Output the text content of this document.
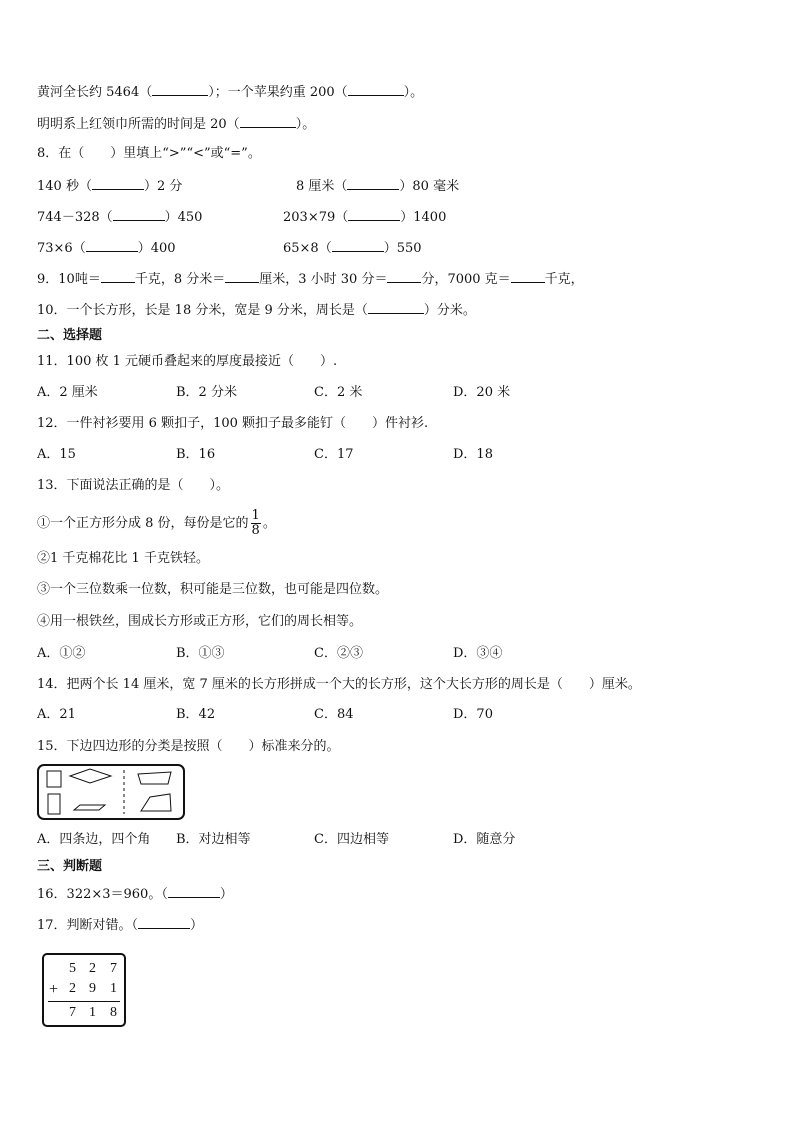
黄河全长约 5464（	）；一个苹果约重 200（	）。
明明系上红领巾所需的时间是 20（	）。
8．在（　　）里填上“>”“<”或“=”。
140 秒（	）2 分	8 厘米（	）80 毫米
744－328（	）450	203×79（	）1400
73×6（	）400	65×8（	）550
9．10吨＝	千克，8 分米＝	厘米，3 小时 30 分＝	分，7000 克＝	千克，
10．一个长方形，长是 18 分米，宽是 9 分米，周长是（	）分米。
二、选择题
11．100 枚 1 元硬币叠起来的厚度最接近（　　）.
A．2 厘米	B．2 分米	C．2 米	D．20 米
12．一件衬衫要用 6 颗扣子，100 颗扣子最多能钉（　　）件衬衫.
A．15	B．16	C．17	D．18
13．下面说法正确的是（　　）。
①一个正方形分成 8 份，每份是它的 $\frac{1}{8}$ 。
②1 千克棉花比 1 千克铁轻。
③一个三位数乘一位数，积可能是三位数，也可能是四位数。
④用一根铁丝，围成长方形或正方形，它们的周长相等。
A．①②	B．①③	C．②③	D．③④
14．把两个长 14 厘米，宽 7 厘米的长方形拼成一个大的长方形，这个大长方形的周长是（　　）厘米。
A．21	B．42	C．84	D．70
15．下边四边形的分类是按照（　　）标准来分的。
A．四条边，四个角 B．对边相等	C．四边相等	D．随意分
三、判断题
16．322×3＝960。（	）
17．判断对错。（	）
5 2 7
+ 2 9 1
7 1 8
